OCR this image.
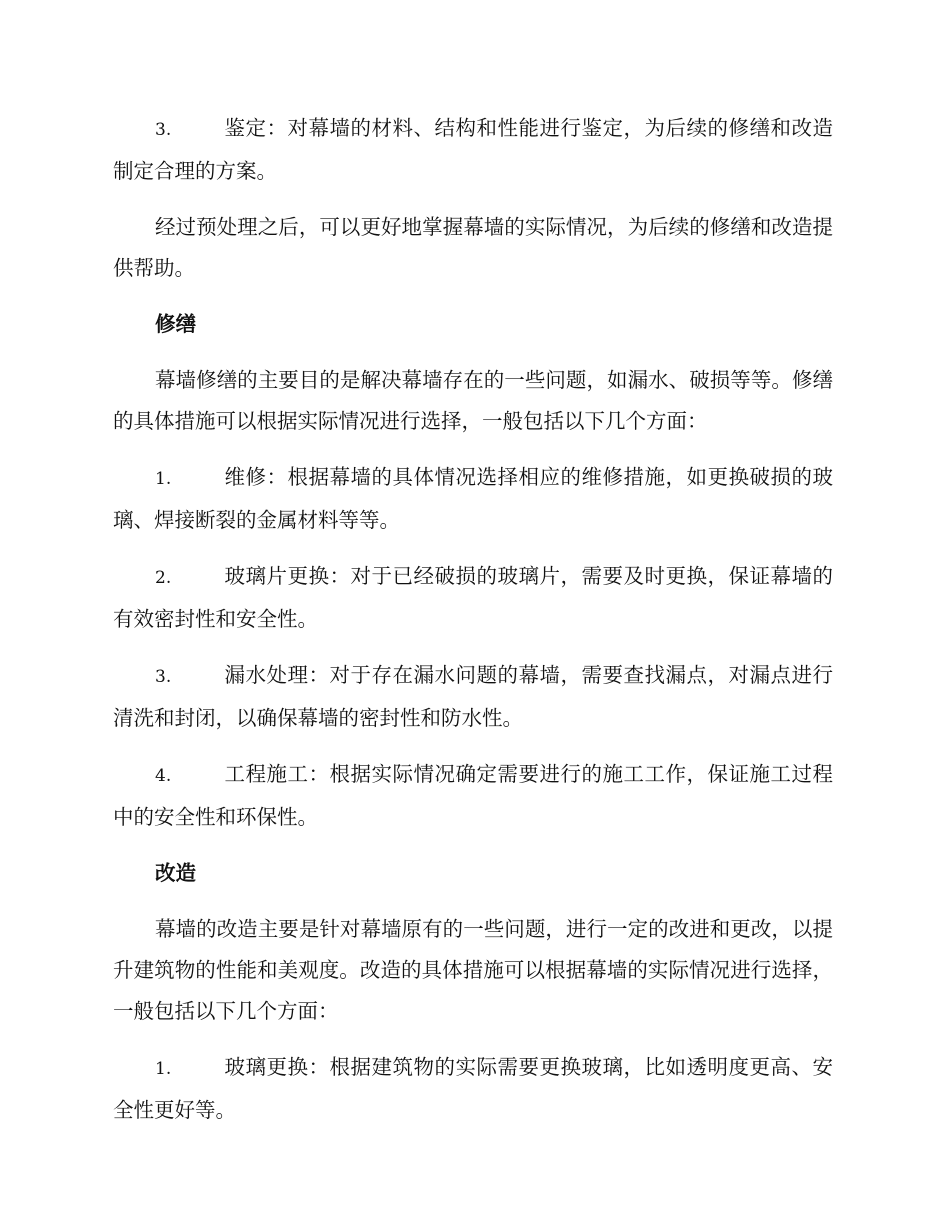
3.	鉴定：对幕墙的材料、结构和性能进行鉴定，为后续的修缮和改造制定合理的方案。

经过预处理之后，可以更好地掌握幕墙的实际情况，为后续的修缮和改造提供帮助。

修缮

幕墙修缮的主要目的是解决幕墙存在的一些问题，如漏水、破损等等。修缮的具体措施可以根据实际情况进行选择，一般包括以下几个方面：

1.	维修：根据幕墙的具体情况选择相应的维修措施，如更换破损的玻璃、焊接断裂的金属材料等等。

2.	玻璃片更换：对于已经破损的玻璃片，需要及时更换，保证幕墙的有效密封性和安全性。

3.	漏水处理：对于存在漏水问题的幕墙，需要查找漏点，对漏点进行清洗和封闭，以确保幕墙的密封性和防水性。

4.	工程施工：根据实际情况确定需要进行的施工工作，保证施工过程中的安全性和环保性。

改造

幕墙的改造主要是针对幕墙原有的一些问题，进行一定的改进和更改，以提升建筑物的性能和美观度。改造的具体措施可以根据幕墙的实际情况进行选择，一般包括以下几个方面：

1.	玻璃更换：根据建筑物的实际需要更换玻璃，比如透明度更高、安全性更好等。
